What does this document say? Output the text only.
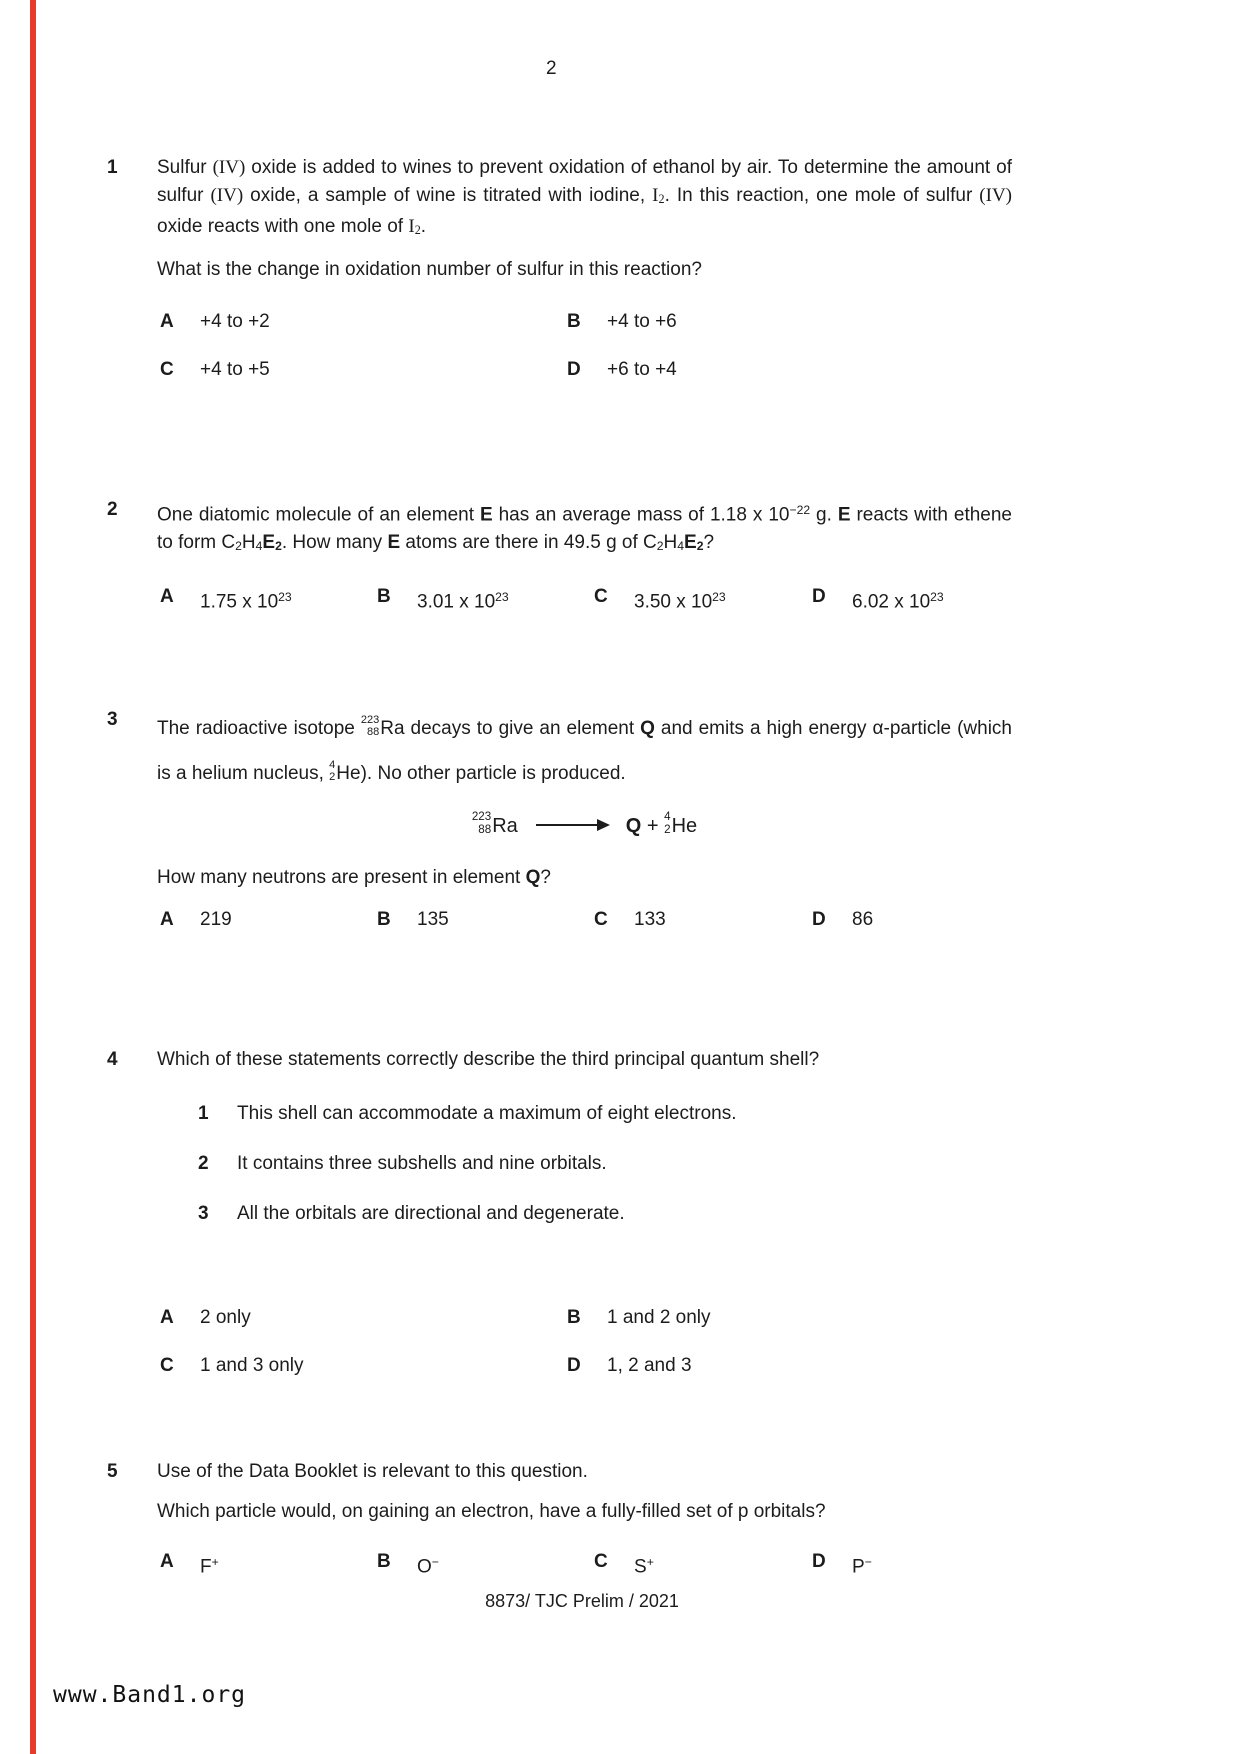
2
1 Sulfur (IV) oxide is added to wines to prevent oxidation of ethanol by air. To determine the amount of sulfur (IV) oxide, a sample of wine is titrated with iodine, I2. In this reaction, one mole of sulfur (IV) oxide reacts with one mole of I2.
What is the change in oxidation number of sulfur in this reaction?
A	+4 to +2	B	+4 to +6
C	+4 to +5	D	+6 to +4
2 One diatomic molecule of an element E has an average mass of 1.18 x $10^{-22}$ g. E reacts with ethene to form C2H4E2. How many E atoms are there in 49.5 g of C2H4E2?
A	1.75 x $10^{23}$	B	3.01 x $10^{23}$	C	3.50 x $10^{23}$	D	6.02 x $10^{23}$
3 The radioactive isotope 223
88 Ra decays to give an element Q and emits a high energy α-particle (which is a helium nucleus, 4
2 He). No other particle is produced.
223
88 Ra	Q + 4
2 He
How many neutrons are present in element Q?
A	219	B	135	C	133	D	86
4 Which of these statements correctly describe the third principal quantum shell?
1	This shell can accommodate a maximum of eight electrons.
2	It contains three subshells and nine orbitals.
3	All the orbitals are directional and degenerate.
A	2 only	B	1 and 2 only
C	1 and 3 only	D	1, 2 and 3
5 Use of the Data Booklet is relevant to this question.
Which particle would, on gaining an electron, have a fully-filled set of p orbitals?
A	F+	B	O−	C	S+	D	P−
8873/ TJC Prelim / 2021
www.Band1.org
